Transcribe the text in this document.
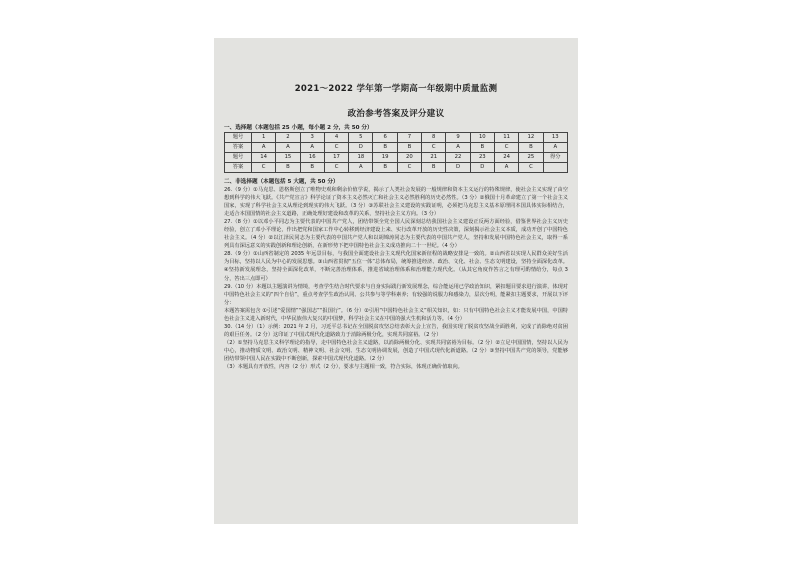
2021～2022 学年第一学期高一年级期中质量监测
政治参考答案及评分建议
一、选择题（本题包括 25 小题，每小题 2 分，共 50 分）
题号	1	2	3	4	5	6	7	8	9	10	11	12	13
答案	A	A	A	C	D	B	B	C	A	B	C	B	A
题号	14	15	16	17	18	19	20	21	22	23	24	25	得分
答案	C	B	B	C	A	B	C	B	D	D	A	C	
二、非选择题（本题包括 5 大题，共 50 分）

26.（9 分）①马克思、恩格斯创立了唯物史观和剩余价值学说，揭示了人类社会发展的一般规律和资本主义运行的特殊规律，使社会主义实现了由空想到科学的伟大飞跃。《共产党宣言》科学论证了资本主义必然灭亡和社会主义必然胜利的历史必然性。（3 分）②俄国十月革命建立了第一个社会主义国家，实现了科学社会主义从理论到现实的伟大飞跃。（3 分）③苏联社会主义建设的实践证明，必须把马克思主义基本原理同本国具体实际相结合，走适合本国国情的社会主义道路，正确处理好建设和改革的关系，坚持社会主义方向。（3 分）

27.（8 分）①以邓小平同志为主要代表的中国共产党人，团结带领全党全国人民深刻总结我国社会主义建设正反两方面经验，借鉴世界社会主义历史经验，创立了邓小平理论，作出把党和国家工作中心转移到经济建设上来、实行改革开放的历史性决策，深刻揭示社会主义本质，成功开创了中国特色社会主义。（4 分）②以江泽民同志为主要代表的中国共产党人和以胡锦涛同志为主要代表的中国共产党人，坚持和发展中国特色社会主义，取得一系列具有深远意义的实践创新和理论创新，在新形势下把中国特色社会主义成功推向二十一世纪。（4 分）

28.（9 分）①山西省制定的 2035 年远景目标，与我国全面建设社会主义现代化国家新征程的战略安排是一致的。②山西省以实现人民群众美好生活为目标，坚持以人民为中心的发展思想。③山西省贯彻“五位一体”总体布局，统筹推进经济、政治、文化、社会、生态文明建设，坚持全面深化改革。④坚持新发展理念，坚持全面深化改革，不断完善治理体系，推进省域治理体系和治理能力现代化。（从其它角度作答言之有理可酌情给分，每点 3 分，答出三点即可）

29.（10 分）本题以主题演讲为情境，考查学生结合时代要求与自身实际践行新发展理念，综合能运用已学政治知识，紧扣题目要求进行演讲，体现对中国特色社会主义的“四个自信”，重点考查学生政治认同、公共参与等学科素养；有较强的说服力和感染力，层次分明，能紧扣主题要求，开展以下评分：

本题答案需包含 ①引述“爱国情”“强国志”“报国行”。（6 分）②引用“中国特色社会主义”相关知识，如：只有中国特色社会主义才能发展中国，中国特色社会主义进入新时代，中华民族伟大复兴的中国梦，科学社会主义在中国的强大生机和活力等。（4 分）

30.（14 分）（1）示例：2021 年 2 月，习近平总书记在全国脱贫攻坚总结表彰大会上宣告，我国实现了脱贫攻坚战全面胜利，完成了消除绝对贫困的艰巨任务。（2 分）这印证了中国式现代化道路致力于消除两极分化，实现共同富裕。（2 分）

（2）①坚持马克思主义科学理论的指导，走中国特色社会主义道路，以消除两极分化、实现共同富裕为目标。（2 分）②立足中国国情，坚持以人民为中心，推动物质文明、政治文明、精神文明、社会文明、生态文明协调发展，创造了中国式现代化新道路。（2 分）③坚持中国共产党的领导，党能够团结带领中国人民在实践中不断创新，探索中国式现代化道路。（2 分）

（3）本题具有开放性，内容（2 分）形式（2 分），要求与主题相一致，符合实际，体现正确价值取向。
